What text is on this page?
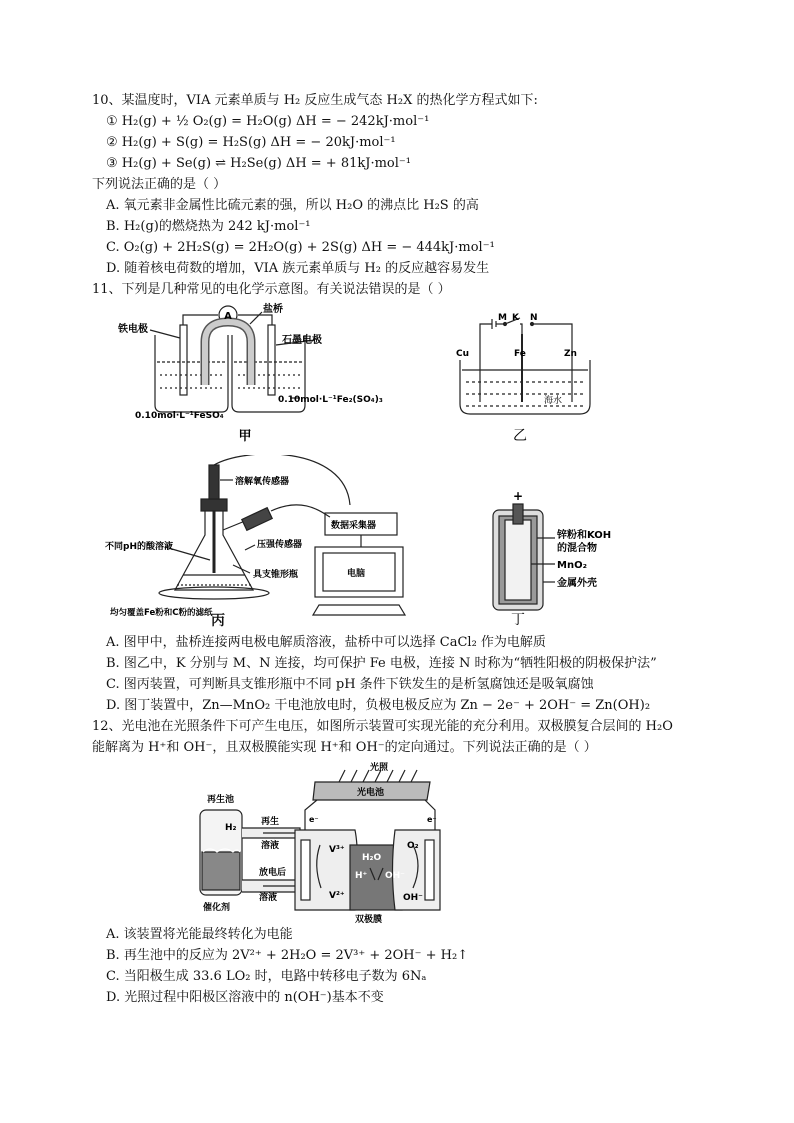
10、某温度时，VIA 元素单质与 H₂ 反应生成气态 H₂X 的热化学方程式如下:
① H₂(g) + ½ O₂(g) = H₂O(g) ΔH = − 242kJ·mol⁻¹
② H₂(g) + S(g) = H₂S(g) ΔH = − 20kJ·mol⁻¹
③ H₂(g) + Se(g) ⇌ H₂Se(g) ΔH = + 81kJ·mol⁻¹
下列说法正确的是（ ）
A. 氧元素非金属性比硫元素的强，所以 H₂O 的沸点比 H₂S 的高
B. H₂(g)的燃烧热为 242 kJ·mol⁻¹
C. O₂(g) + 2H₂S(g) = 2H₂O(g) + 2S(g) ΔH = − 444kJ·mol⁻¹
D. 随着核电荷数的增加，VIA 族元素单质与 H₂ 的反应越容易发生
11、下列是几种常见的电化学示意图。有关说法错误的是（ ）
A
铁电极
盐桥
石墨电极
0.10mol·L⁻¹FeSO₄
0.10mol·L⁻¹Fe₂(SO₄)₃
甲
M K N
Cu	Fe	Zn
海水
乙
溶解氧传感器
数据采集器
压强传感器
不同pH的酸溶液
具支锥形瓶	电脑
均匀覆盖Fe粉和C粉的滤纸
丙
+
锌粉和KOH
的混合物
MnO₂
金属外壳
丁
A. 图甲中，盐桥连接两电极电解质溶液，盐桥中可以选择 CaCl₂ 作为电解质
B. 图乙中，K 分别与 M、N 连接，均可保护 Fe 电极，连接 N 时称为“牺牲阳极的阴极保护法”
C. 图丙装置，可判断具支锥形瓶中不同 pH 条件下铁发生的是析氢腐蚀还是吸氧腐蚀
D. 图丁装置中，Zn—MnO₂ 干电池放电时，负极电极反应为 Zn − 2e⁻ + 2OH⁻ = Zn(OH)₂
12、光电池在光照条件下可产生电压，如图所示装置可实现光能的充分利用。双极膜复合层间的 H₂O
能解离为 H⁺和 OH⁻，且双极膜能实现 H⁺和 OH⁻的定向通过。下列说法正确的是（ ）
光照
光电池
再生池
H₂
再生
溶液
e⁻	e⁻
V³⁺
V²⁺
H₂O
H⁺ OH⁻
O₂
OH⁻
放电后
溶液
催化剂
双极膜
A. 该装置将光能最终转化为电能
B. 再生池中的反应为 2V²⁺ + 2H₂O = 2V³⁺ + 2OH⁻ + H₂↑
C. 当阳极生成 33.6 LO₂ 时，电路中转移电子数为 6Nₐ
D. 光照过程中阳极区溶液中的 n(OH⁻)基本不变
